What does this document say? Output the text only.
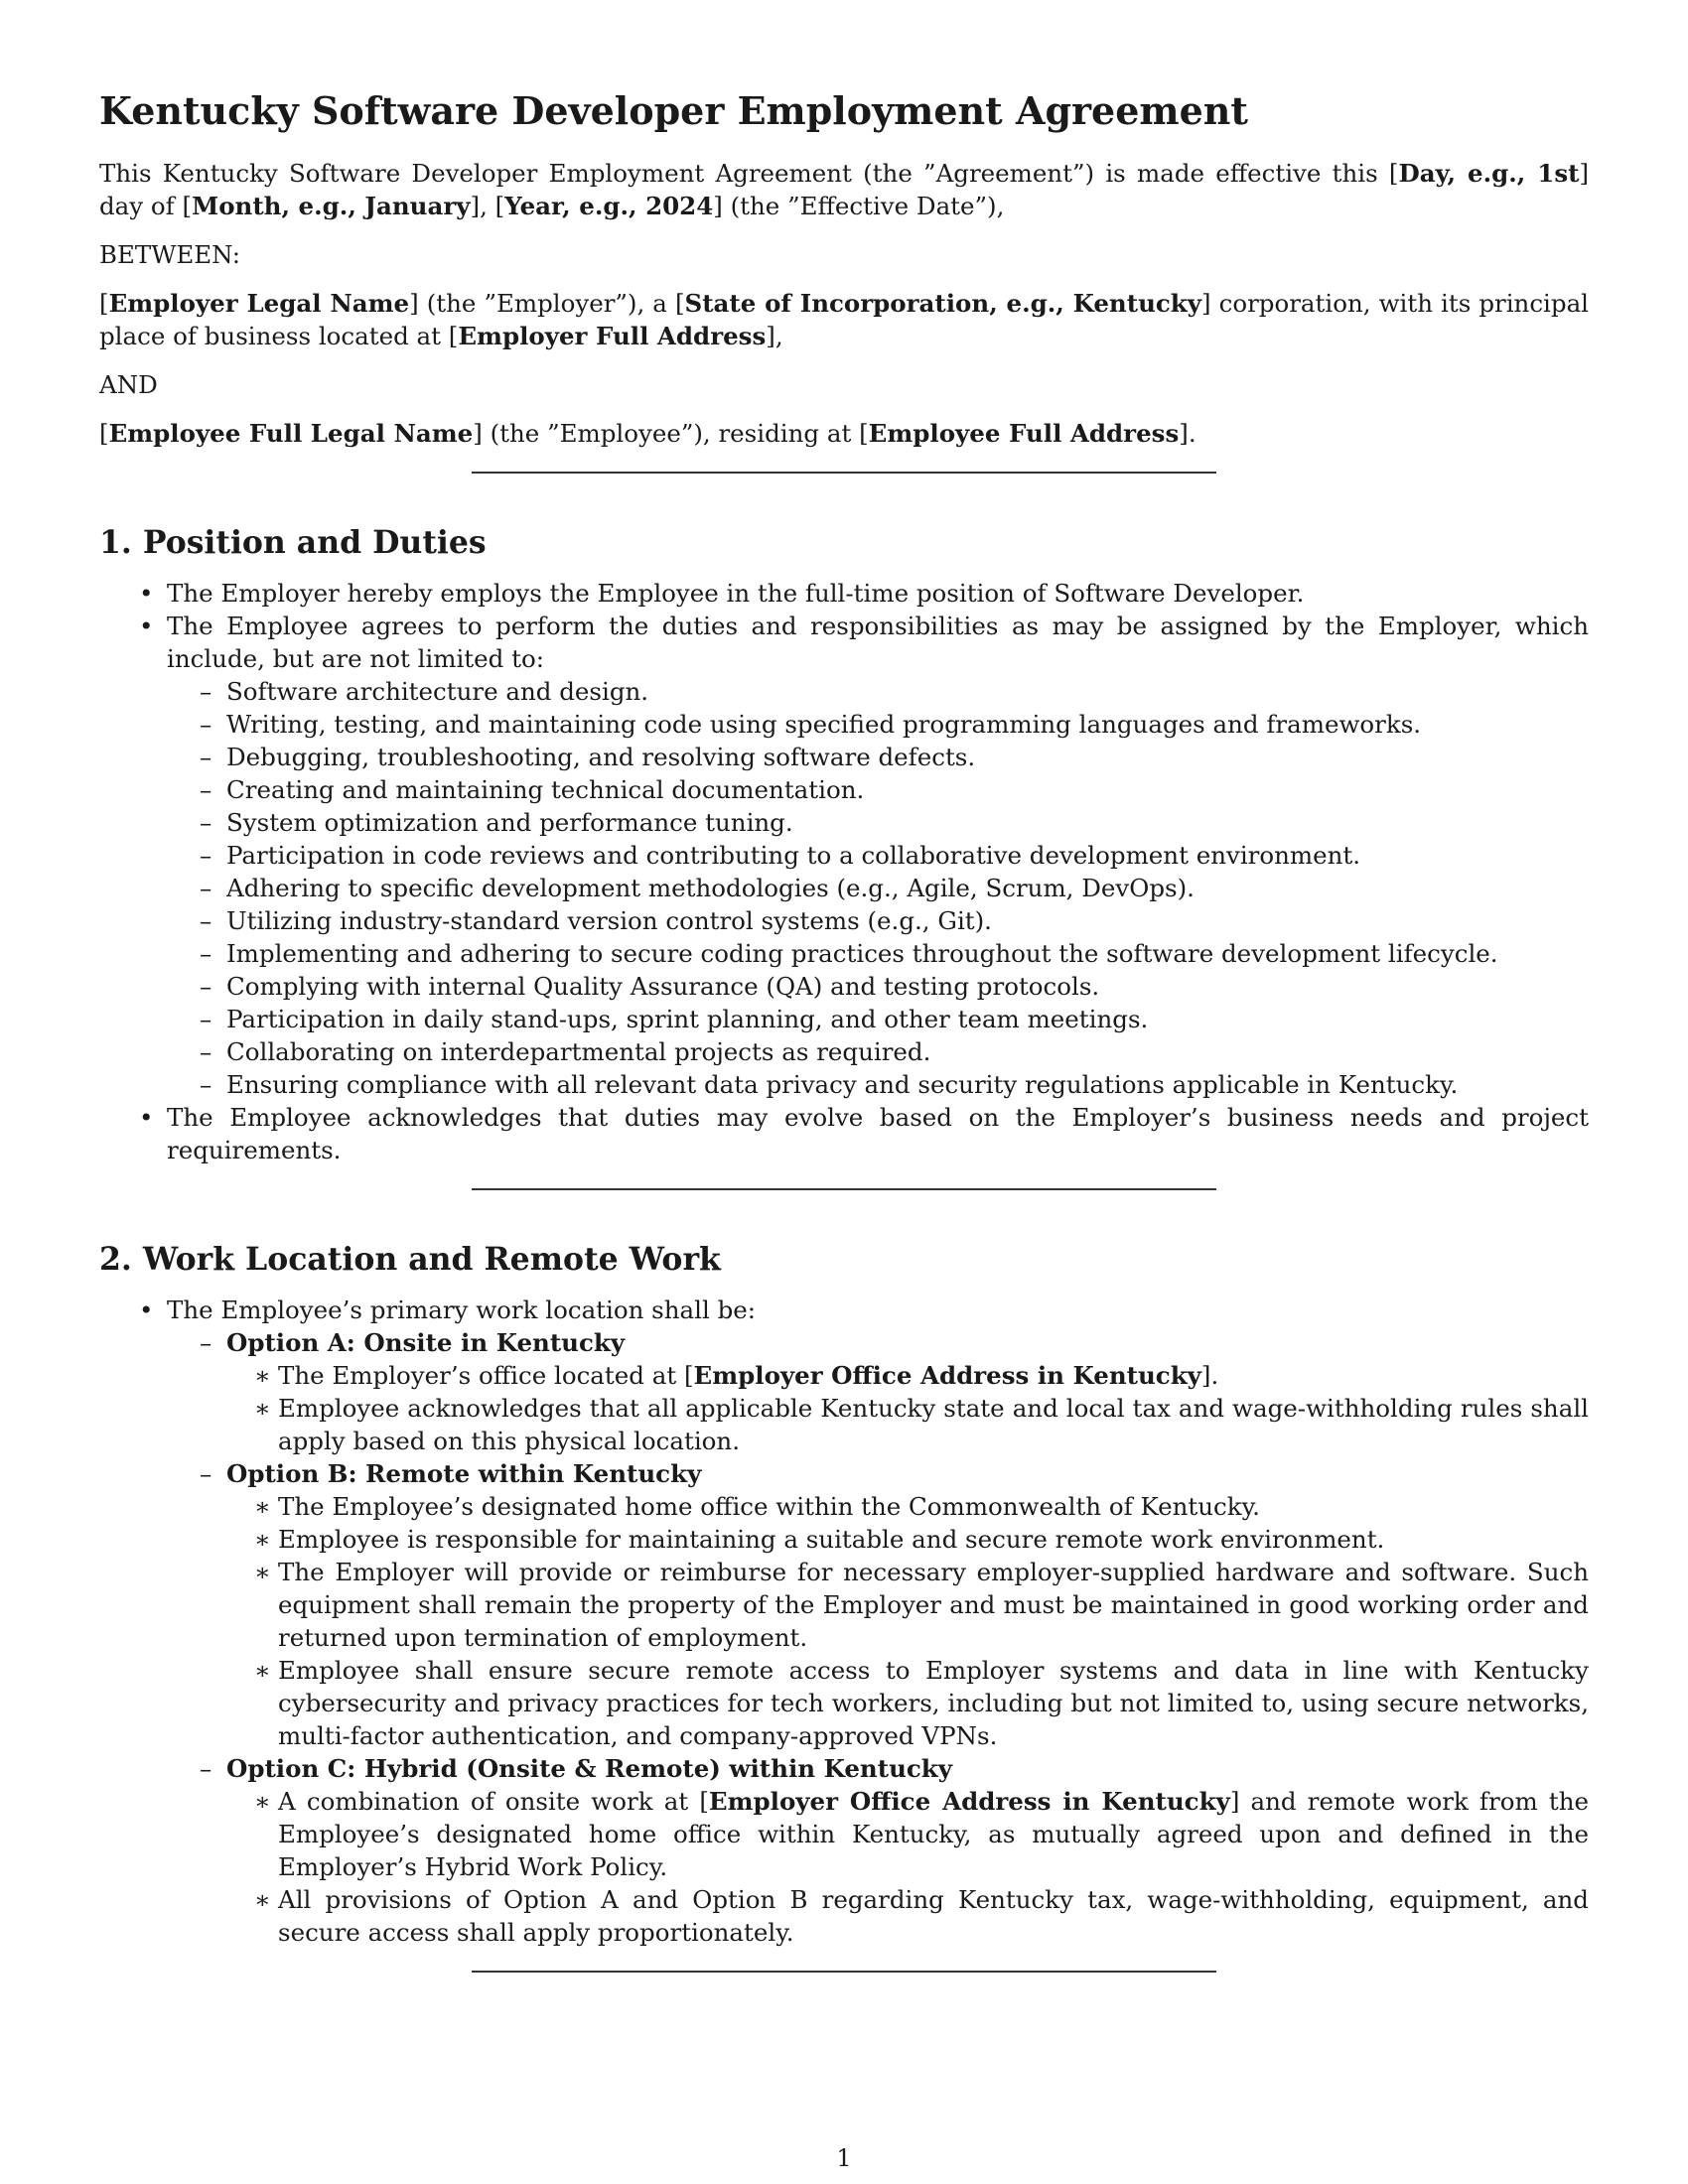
Kentucky Software Developer Employment Agreement

This Kentucky Software Developer Employment Agreement (the ”Agreement”) is made effective this [Day, e.g., 1st] day of [Month, e.g., January], [Year, e.g., 2024] (the ”Effective Date”),

BETWEEN:

[Employer Legal Name] (the ”Employer”), a [State of Incorporation, e.g., Kentucky] corporation, with its principal place of business located at [Employer Full Address],

AND

[Employee Full Legal Name] (the ”Employee”), residing at [Employee Full Address].

1. Position and Duties
• The Employer hereby employs the Employee in the full-time position of Software Developer.
• The Employee agrees to perform the duties and responsibilities as may be assigned by the Employer, which include, but are not limited to:
– Software architecture and design.
– Writing, testing, and maintaining code using specified programming languages and frameworks.
– Debugging, troubleshooting, and resolving software defects.
– Creating and maintaining technical documentation.
– System optimization and performance tuning.
– Participation in code reviews and contributing to a collaborative development environment.
– Adhering to specific development methodologies (e.g., Agile, Scrum, DevOps).
– Utilizing industry-standard version control systems (e.g., Git).
– Implementing and adhering to secure coding practices throughout the software development lifecycle.
– Complying with internal Quality Assurance (QA) and testing protocols.
– Participation in daily stand-ups, sprint planning, and other team meetings.
– Collaborating on interdepartmental projects as required.
– Ensuring compliance with all relevant data privacy and security regulations applicable in Kentucky.
• The Employee acknowledges that duties may evolve based on the Employer’s business needs and project requirements.
2. Work Location and Remote Work
• The Employee’s primary work location shall be:
– Option A: Onsite in Kentucky
∗ The Employer’s office located at [Employer Office Address in Kentucky].
∗ Employee acknowledges that all applicable Kentucky state and local tax and wage-withholding rules shall apply based on this physical location.
– Option B: Remote within Kentucky
∗ The Employee’s designated home office within the Commonwealth of Kentucky.
∗ Employee is responsible for maintaining a suitable and secure remote work environment.
∗ The Employer will provide or reimburse for necessary employer-supplied hardware and software. Such equipment shall remain the property of the Employer and must be maintained in good working order and returned upon termination of employment.
∗ Employee shall ensure secure remote access to Employer systems and data in line with Kentucky cybersecurity and privacy practices for tech workers, including but not limited to, using secure networks, multi-factor authentication, and company-approved VPNs.
– Option C: Hybrid (Onsite & Remote) within Kentucky
∗ A combination of onsite work at [Employer Office Address in Kentucky] and remote work from the Employee’s designated home office within Kentucky, as mutually agreed upon and defined in the Employer’s Hybrid Work Policy.
∗ All provisions of Option A and Option B regarding Kentucky tax, wage-withholding, equipment, and secure access shall apply proportionately.
1
